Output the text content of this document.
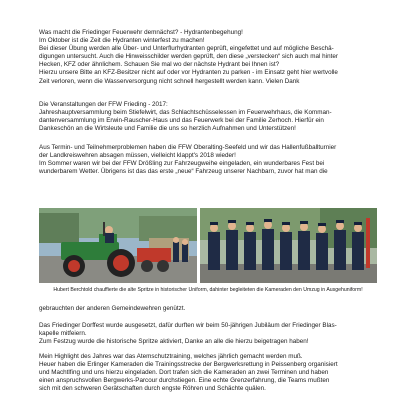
Was macht die Friedinger Feuerwehr demnächst? - Hydrantenbegehung!
Im Oktober ist die Zeit die Hydranten winterfest zu machen!
Bei dieser Übung werden alle Über- und Unterflurhydranten geprüft, eingefettet und auf mögliche Beschä-
digungen untersucht. Auch die Hinweisschilder werden geprüft, den diese „verstecken“ sich auch mal hinter
Hecken, KFZ oder ähnlichem. Schauen Sie mal wo der nächste Hydrant bei Ihnen ist?
Hierzu unsere Bitte an KFZ-Besitzer nicht auf oder vor Hydranten zu parken - im Einsatz geht hier wertvolle
Zeit verloren, wenn die Wasserversorgung nicht schnell hergestellt werden kann. Vielen Dank

Die Veranstaltungen der FFW Frieding - 2017:
Jahreshauptversammlung beim Stiefelwirt, das Schlachtschüsselessen im Feuerwehrhaus, die Komman-
dantenversammlung im Erwin-Rauscher-Haus und das Feuerwerk bei der Familie Zerhoch. Hierfür ein
Dankeschön an die Wirtsleute und Familie die uns so herzlich Aufnahmen und Unterstützen!

Aus Termin- und Teilnehmerproblemen haben die FFW Oberalting-Seefeld und wir das Hallenfußballturnier
der Landkreiswehren absagen müssen, vielleicht klappt's 2018 wieder!
Im Sommer waren wir bei der FFW Drößling zur Fahrzeugweihe eingeladen, ein wunderbares Fest bei
wunderbarem Wetter. Übrigens ist das das erste „neue“ Fahrzeug unserer Nachbarn, zuvor hat man die

Hubert Berchtold chauffierte die alte Spritze in historischer Uniform, dahinter begleiteten die Kameraden den Umzug in Ausgehuniform!

gebrauchten der anderen Gemeindewehren genützt.

Das Friedinger Dorffest wurde ausgesetzt, dafür durften wir beim 50-jährigen Jubiläum der Friedinger Blas-
kapelle mitfeiern.
Zum Festzug wurde die historische Spritze aktiviert, Danke an alle die hierzu beigetragen haben!

Mein Highlight des Jahres war das Atemschutztraining, welches jährlich gemacht werden muß.
Heuer haben die Erlinger Kameraden die Trainingsstrecke der Bergwerksrettung in Peissenberg organisiert
und Machtlfing und uns hierzu eingeladen. Dort trafen sich die Kameraden an zwei Terminen und haben
einen anspruchsvollen Bergwerks-Parcour durchstiegen. Eine echte Grenzerfahrung, die Teams mußten
sich mit den schweren Gerätschaften durch engste Röhren und Schächte quälen.
